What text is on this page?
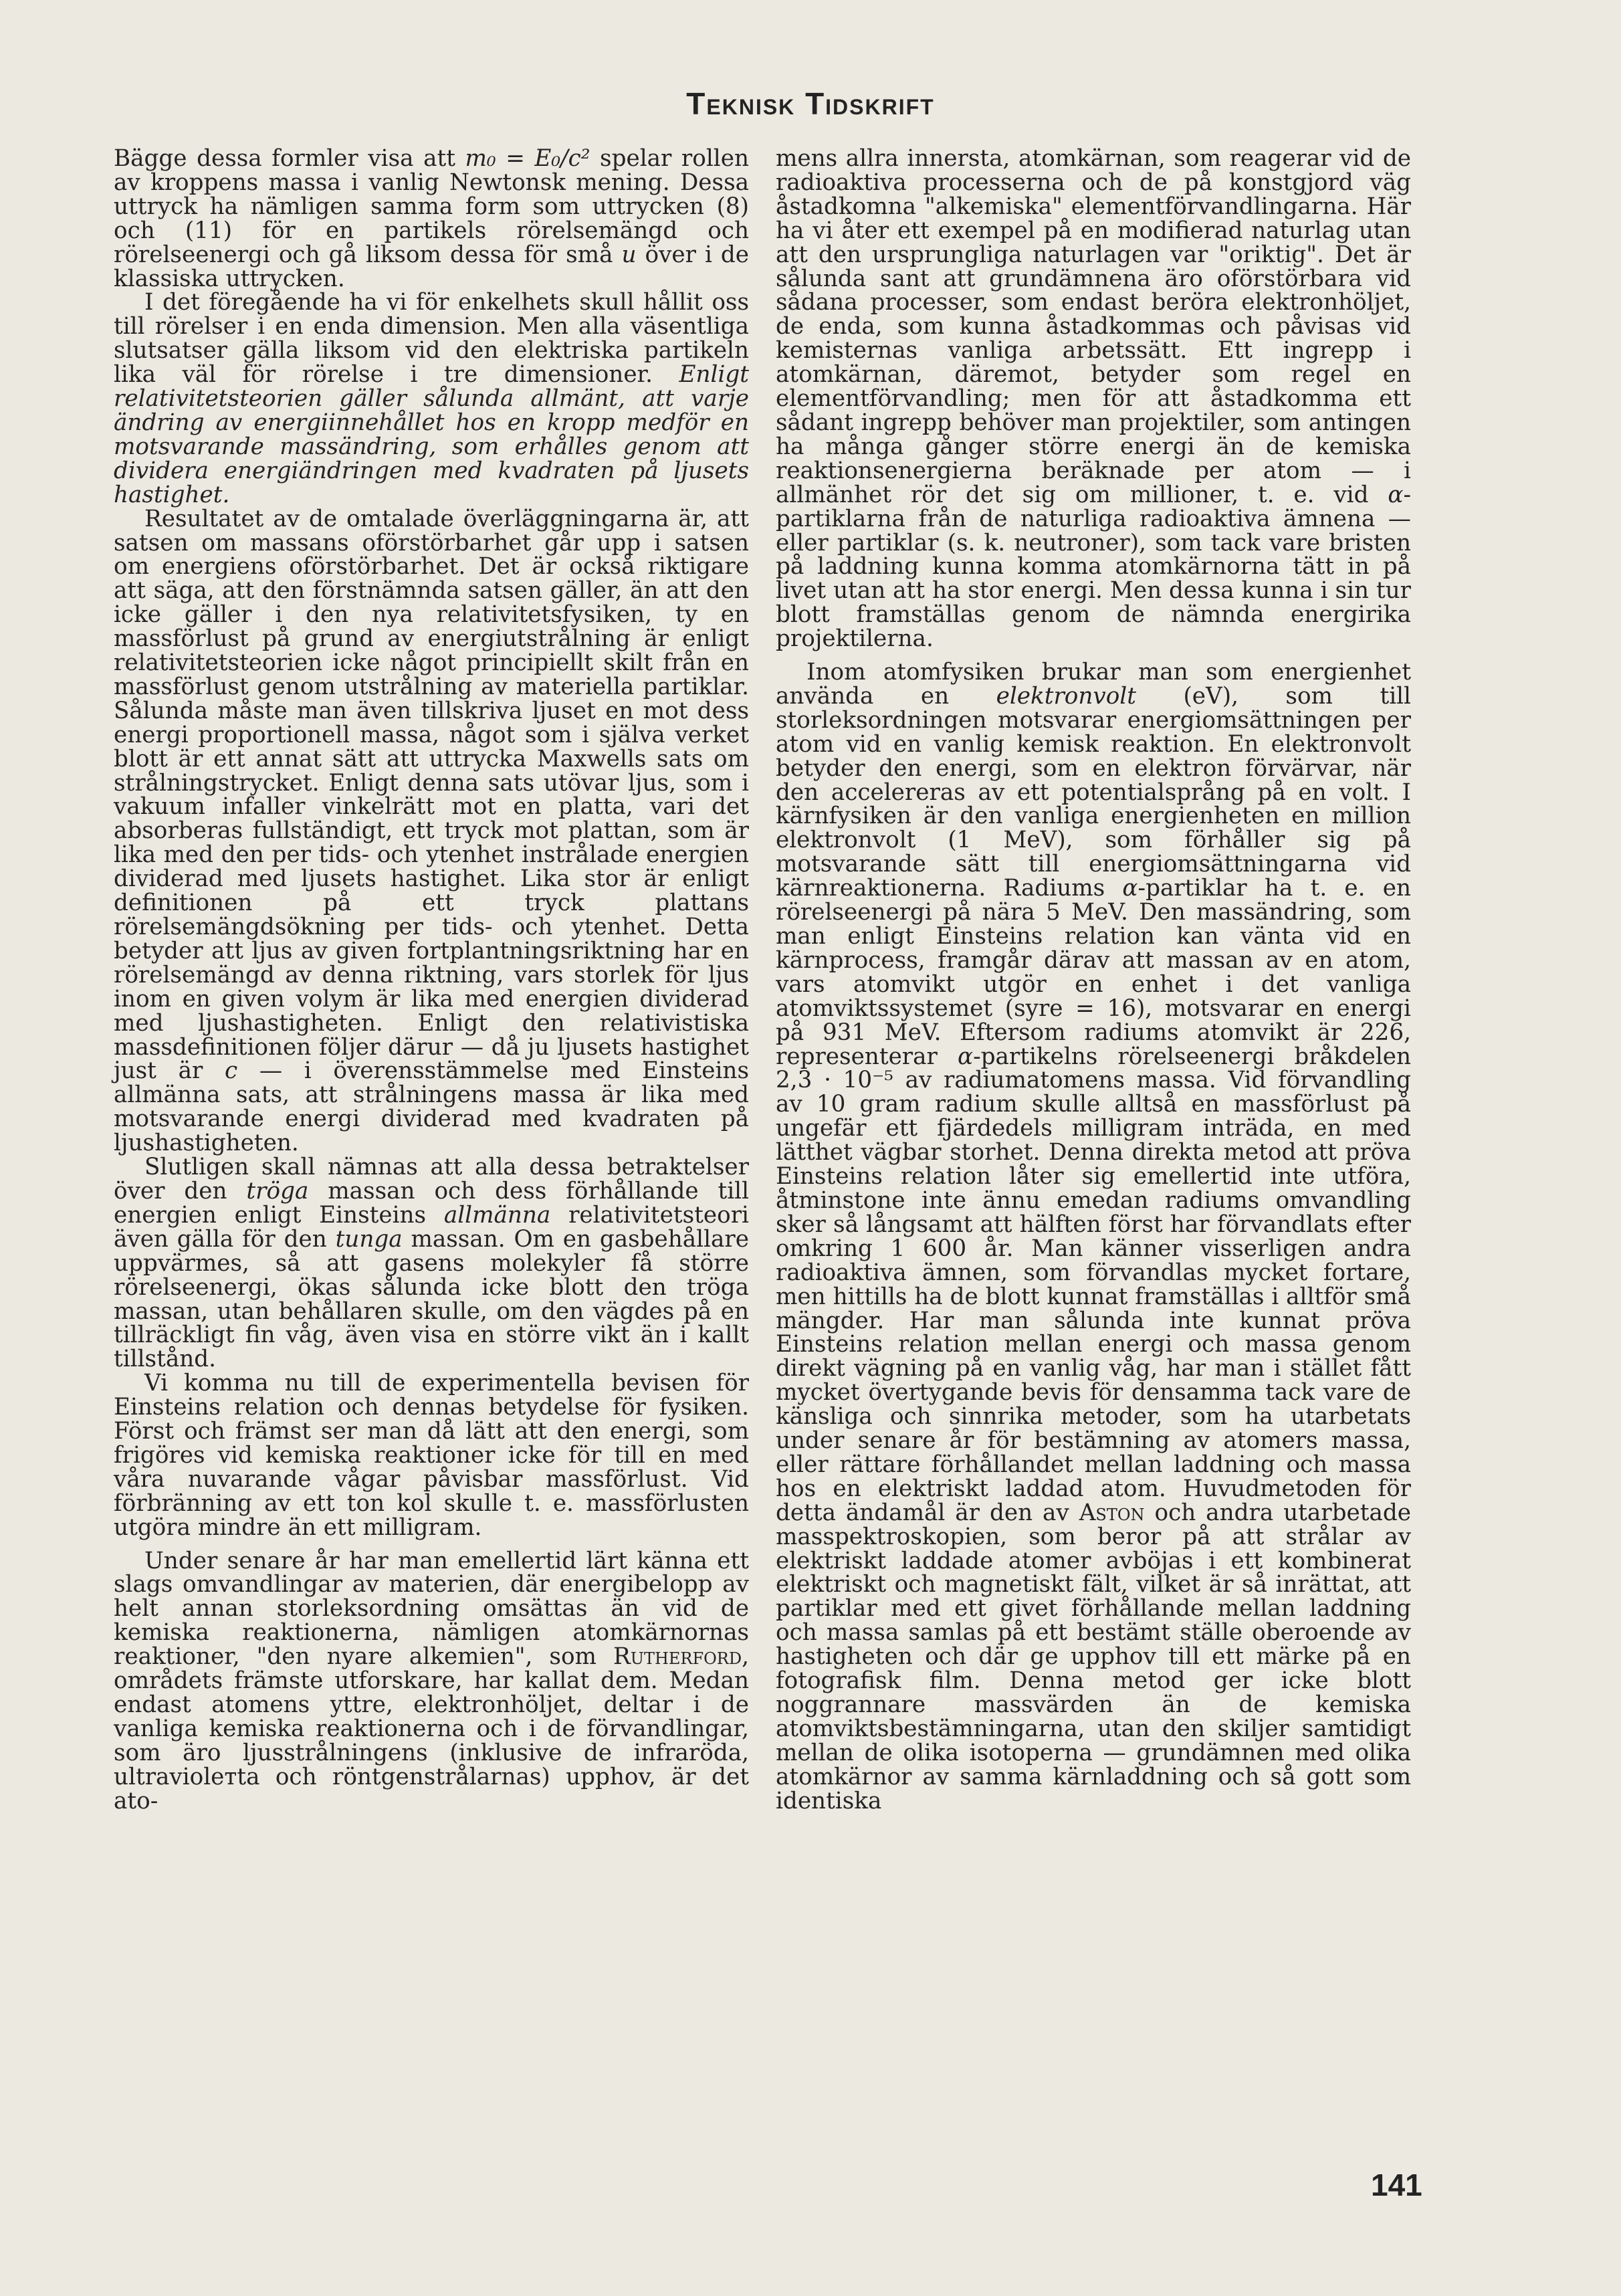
Teknisk Tidskrift

Bägge dessa formler visa att m₀ = E₀/c² spelar rollen av kroppens massa i vanlig Newtonsk mening. Dessa uttryck ha nämligen samma form som uttrycken (8) och (11) för en partikels rörelsemängd och rörelseenergi och gå liksom dessa för små u över i de klassiska uttrycken.

I det föregående ha vi för enkelhets skull hållit oss till rörelser i en enda dimension. Men alla väsentliga slutsatser gälla liksom vid den elektriska partikeln lika väl för rörelse i tre dimensioner. Enligt relativitetsteorien gäller sålunda allmänt, att varje ändring av energiinnehållet hos en kropp medför en motsvarande massändring, som erhålles genom att dividera energiändringen med kvadraten på ljusets hastighet.

Resultatet av de omtalade överläggningarna är, att satsen om massans oförstörbarhet går upp i satsen om energiens oförstörbarhet. Det är också riktigare att säga, att den förstnämnda satsen gäller, än att den icke gäller i den nya relativitetsfysiken, ty en massförlust på grund av energiutstrålning är enligt relativitetsteorien icke något principiellt skilt från en massförlust genom utstrålning av materiella partiklar. Sålunda måste man även tillskriva ljuset en mot dess energi proportionell massa, något som i själva verket blott är ett annat sätt att uttrycka Maxwells sats om strålningstrycket. Enligt denna sats utövar ljus, som i vakuum infaller vinkelrätt mot en platta, vari det absorberas fullständigt, ett tryck mot plattan, som är lika med den per tids- och ytenhet instrålade energien dividerad med ljusets hastighet. Lika stor är enligt definitionen på ett tryck plattans rörelsemängdsökning per tids- och ytenhet. Detta betyder att ljus av given fortplantningsriktning har en rörelsemängd av denna riktning, vars storlek för ljus inom en given volym är lika med energien dividerad med ljushastigheten. Enligt den relativistiska massdefinitionen följer därur — då ju ljusets hastighet just är c — i överensstämmelse med Einsteins allmänna sats, att strålningens massa är lika med motsvarande energi dividerad med kvadraten på ljushastigheten.

Slutligen skall nämnas att alla dessa betraktelser över den tröga massan och dess förhållande till energien enligt Einsteins allmänna relativitetsteori även gälla för den tunga massan. Om en gasbehållare uppvärmes, så att gasens molekyler få större rörelseenergi, ökas sålunda icke blott den tröga massan, utan behållaren skulle, om den vägdes på en tillräckligt fin våg, även visa en större vikt än i kallt tillstånd.

Vi komma nu till de experimentella bevisen för Einsteins relation och dennas betydelse för fysiken. Först och främst ser man då lätt att den energi, som frigöres vid kemiska reaktioner icke för till en med våra nuvarande vågar påvisbar massförlust. Vid förbränning av ett ton kol skulle t. e. massförlusten utgöra mindre än ett milligram.

Under senare år har man emellertid lärt känna ett slags omvandlingar av materien, där energibelopp av helt annan storleksordning omsättas än vid de kemiska reaktionerna, nämligen atomkärnornas reaktioner, "den nyare alkemien", som Rutherford, områdets främste utforskare, har kallat dem. Medan endast atomens yttre, elektronhöljet, deltar i de vanliga kemiska reaktionerna och i de förvandlingar, som äro ljusstrålningens (inklusive de infraröda, ultraviolетta och röntgenstrålarnas) upphov, är det ato-

mens allra innersta, atomkärnan, som reagerar vid de radioaktiva processerna och de på konstgjord väg åstadkomna "alkemiska" elementförvandlingarna. Här ha vi åter ett exempel på en modifierad naturlag utan att den ursprungliga naturlagen var "oriktig". Det är sålunda sant att grundämnena äro oförstörbara vid sådana processer, som endast beröra elektronhöljet, de enda, som kunna åstadkommas och påvisas vid kemisternas vanliga arbetssätt. Ett ingrepp i atomkärnan, däremot, betyder som regel en elementförvandling; men för att åstadkomma ett sådant ingrepp behöver man projektiler, som antingen ha många gånger större energi än de kemiska reaktionsenergierna beräknade per atom — i allmänhet rör det sig om millioner, t. e. vid α-partiklarna från de naturliga radioaktiva ämnena — eller partiklar (s. k. neutroner), som tack vare bristen på laddning kunna komma atomkärnorna tätt in på livet utan att ha stor energi. Men dessa kunna i sin tur blott framställas genom de nämnda energirika projektilerna.

Inom atomfysiken brukar man som energienhet använda en elektronvolt (eV), som till storleksordningen motsvarar energiomsättningen per atom vid en vanlig kemisk reaktion. En elektronvolt betyder den energi, som en elektron förvärvar, när den accelereras av ett potentialsprång på en volt. I kärnfysiken är den vanliga energienheten en million elektronvolt (1 MeV), som förhåller sig på motsvarande sätt till energiomsättningarna vid kärnreaktionerna. Radiums α-partiklar ha t. e. en rörelseenergi på nära 5 MeV. Den massändring, som man enligt Einsteins relation kan vänta vid en kärnprocess, framgår därav att massan av en atom, vars atomvikt utgör en enhet i det vanliga atomviktssystemet (syre = 16), motsvarar en energi på 931 MeV. Eftersom radiums atomvikt är 226, representerar α-partikelns rörelseenergi bråkdelen 2,3 · 10⁻⁵ av radiumatomens massa. Vid förvandling av 10 gram radium skulle alltså en massförlust på ungefär ett fjärdedels milligram inträda, en med lätthet vägbar storhet. Denna direkta metod att pröva Einsteins relation låter sig emellertid inte utföra, åtminstone inte ännu emedan radiums omvandling sker så långsamt att hälften först har förvandlats efter omkring 1 600 år. Man känner visserligen andra radioaktiva ämnen, som förvandlas mycket fortare, men hittills ha de blott kunnat framställas i alltför små mängder. Har man sålunda inte kunnat pröva Einsteins relation mellan energi och massa genom direkt vägning på en vanlig våg, har man i stället fått mycket övertygande bevis för densamma tack vare de känsliga och sinnrika metoder, som ha utarbetats under senare år för bestämning av atomers massa, eller rättare förhållandet mellan laddning och massa hos en elektriskt laddad atom. Huvudmetoden för detta ändamål är den av Aston och andra utarbetade masspektroskopien, som beror på att strålar av elektriskt laddade atomer avböjas i ett kombinerat elektriskt och magnetiskt fält, vilket är så inrättat, att partiklar med ett givet förhållande mellan laddning och massa samlas på ett bestämt ställe oberoende av hastigheten och där ge upphov till ett märke på en fotografisk film. Denna metod ger icke blott noggrannare massvärden än de kemiska atomviktsbestämningarna, utan den skiljer samtidigt mellan de olika isotoperna — grundämnen med olika atomkärnor av samma kärnladdning och så gott som identiska

141
